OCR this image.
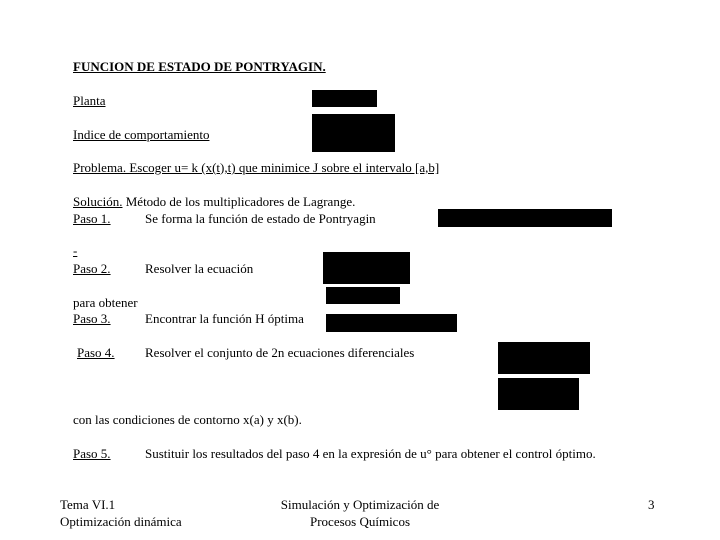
FUNCION DE ESTADO DE PONTRYAGIN.
Planta
Indice de comportamiento
Problema. Escoger u= k (x(t),t) que minimice J sobre el intervalo [a,b]
Solución. Método de los multiplicadores de Lagrange.
Paso 1.	Se forma la función de estado de Pontryagin
-
Paso 2.	Resolver la ecuación
para obtener
Paso 3.	Encontrar la función H óptima
Paso 4. Resolver el conjunto de 2n ecuaciones diferenciales
con las condiciones de contorno x(a) y x(b).
Paso 5.	Sustituir los resultados del paso 4 en la expresión de u° para obtener el control óptimo.
Tema VI.1
Optimización dinámica
Simulación y Optimización de
Procesos Químicos
3
